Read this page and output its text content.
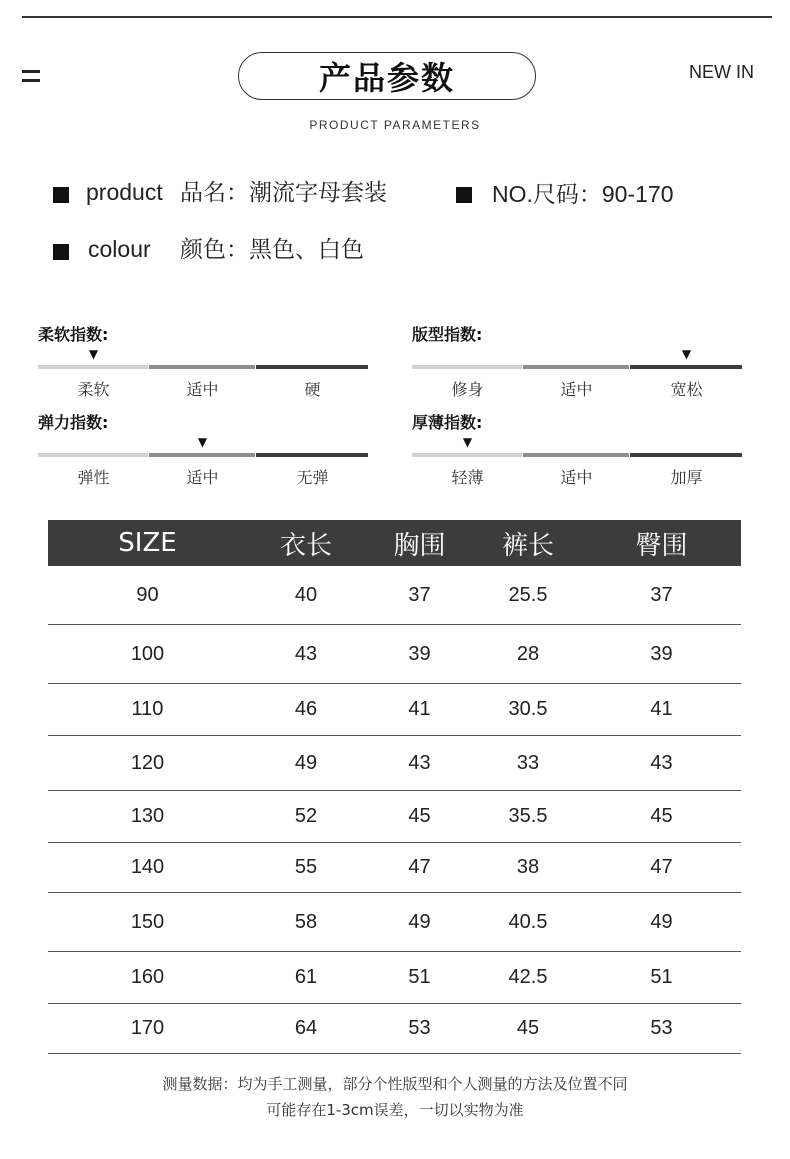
产品参数	NEW IN
PRODUCT PARAMETERS
product 品名：潮流字母套装	NO.尺码：90-170
colour 颜色：黑色、白色
柔软指数:
柔软	适中	硬
▼
版型指数:
修身	适中	宽松
▼
弹力指数:
弹性	适中	无弹
▼
厚薄指数:
轻薄	适中	加厚
▼
SIZE	衣长	胸围	裤长	臀围
90	40	37	25.5	37
100	43	39	28	39
110	46	41	30.5	41
120	49	43	33	43
130	52	45	35.5	45
140	55	47	38	47
150	58	49	40.5	49
160	61	51	42.5	51
170	64	53	45	53
测量数据：均为手工测量，部分个性版型和个人测量的方法及位置不同
可能存在1-3cm误差，一切以实物为准
